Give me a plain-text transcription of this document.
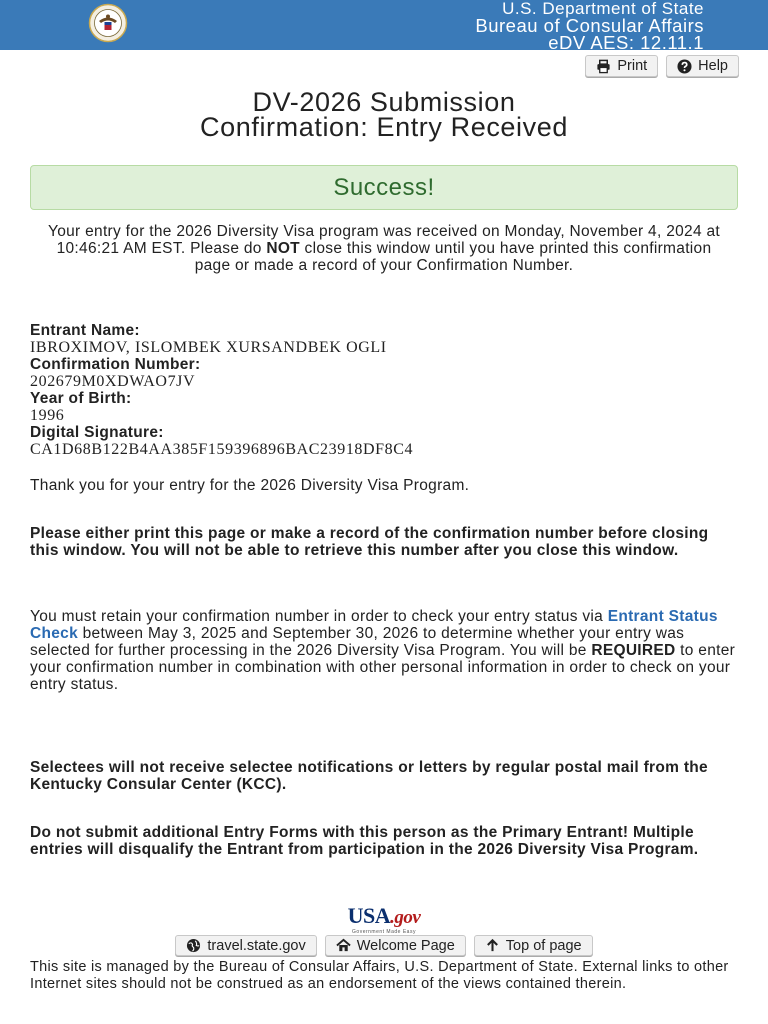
U.S. Department of State
Bureau of Consular Affairs
eDV AES: 12.11.1
Print	Help
DV-2026 Submission
Confirmation: Entry Received
Success!
Your entry for the 2026 Diversity Visa program was received on Monday, November 4, 2024 at 10:46:21 AM EST. Please do NOT close this window until you have printed this confirmation page or made a record of your Confirmation Number.
Entrant Name:
IBROXIMOV, ISLOMBEK XURSANDBEK OGLI
Confirmation Number:
202679M0XDWAO7JV
Year of Birth:
1996
Digital Signature:
CA1D68B122B4AA385F159396896BAC23918DF8C4

Thank you for your entry for the 2026 Diversity Visa Program.

Please either print this page or make a record of the confirmation number before closing this window. You will not be able to retrieve this number after you close this window.

You must retain your confirmation number in order to check your entry status via Entrant Status Check between May 3, 2025 and September 30, 2026 to determine whether your entry was selected for further processing in the 2026 Diversity Visa Program. You will be REQUIRED to enter your confirmation number in combination with other personal information in order to check on your entry status.

Selectees will not receive selectee notifications or letters by regular postal mail from the Kentucky Consular Center (KCC).

Do not submit additional Entry Forms with this person as the Primary Entrant! Multiple entries will disqualify the Entrant from participation in the 2026 Diversity Visa Program.

USA.gov
Government Made Easy
travel.state.gov	Welcome Page	Top of page
This site is managed by the Bureau of Consular Affairs, U.S. Department of State. External links to other Internet sites should not be construed as an endorsement of the views contained therein.
